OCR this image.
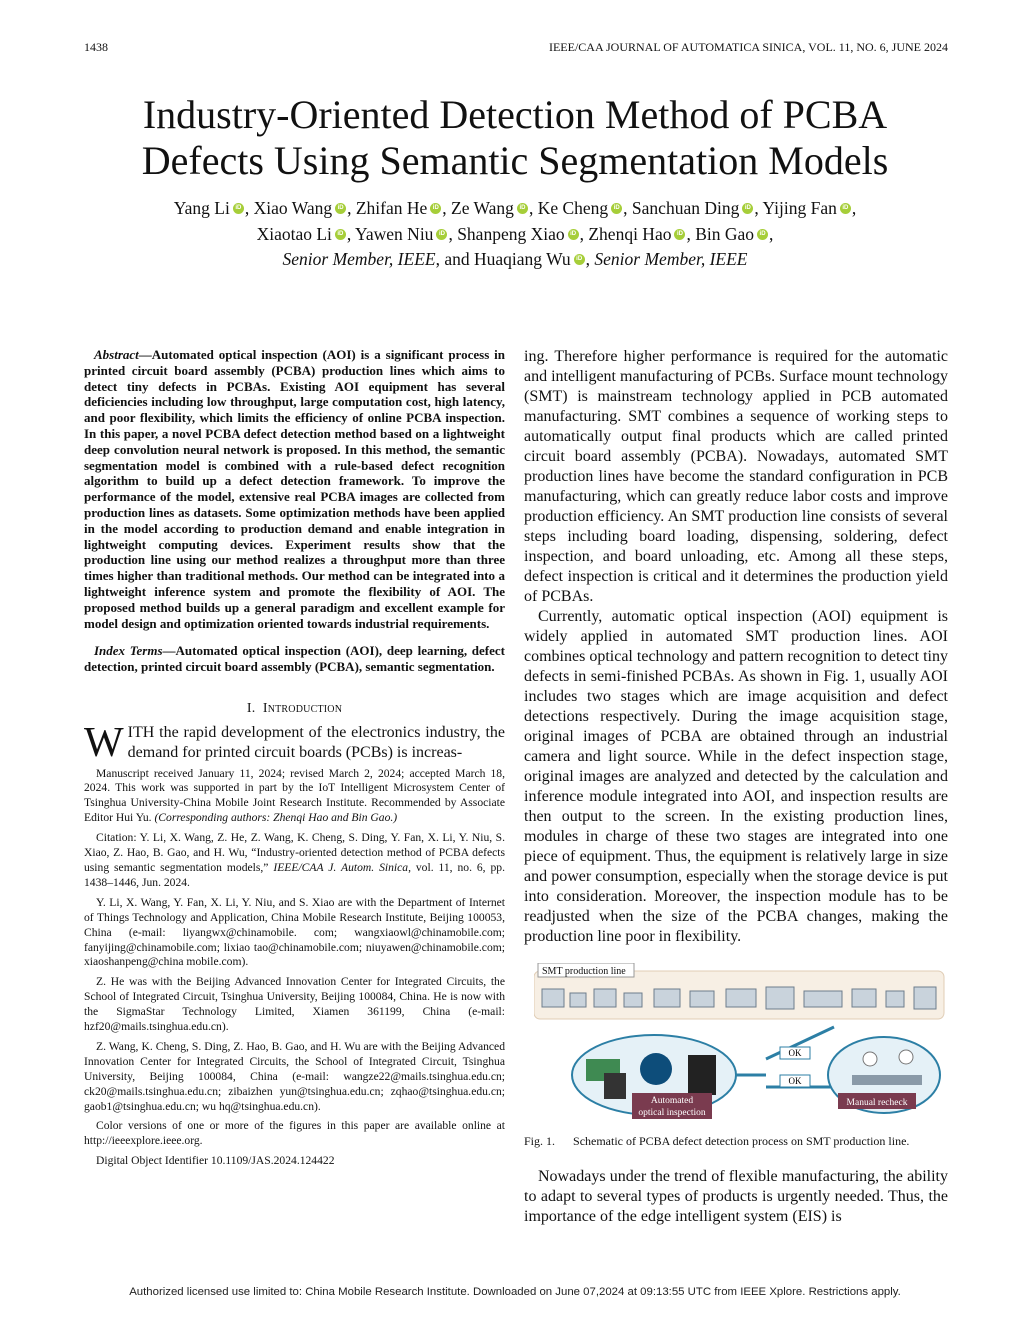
1438	IEEE/CAA JOURNAL OF AUTOMATICA SINICA, VOL. 11, NO. 6, JUNE 2024
Industry-Oriented Detection Method of PCBA
Defects Using Semantic Segmentation Models
Yang Li iD , Xiao Wang iD , Zhifan He iD , Ze Wang iD , Ke Cheng iD , Sanchuan Ding iD , Yijing Fan iD ,
Xiaotao Li iD , Yawen Niu iD , Shanpeng Xiao iD , Zhenqi Hao iD , Bin Gao iD ,
Senior Member, IEEE, and Huaqiang Wu iD , Senior Member, IEEE

Abstract—Automated optical inspection (AOI) is a significant process in printed circuit board assembly (PCBA) production lines which aims to detect tiny defects in PCBAs. Existing AOI equipment has several deficiencies including low throughput, large computation cost, high latency, and poor flexibility, which limits the efficiency of online PCBA inspection. In this paper, a novel PCBA defect detection method based on a lightweight deep convolution neural network is proposed. In this method, the semantic segmentation model is combined with a rule-based defect recognition algorithm to build up a defect detection framework. To improve the performance of the model, extensive real PCBA images are collected from production lines as datasets. Some optimization methods have been applied in the model according to production demand and enable integration in lightweight computing devices. Experiment results show that the production line using our method realizes a throughput more than three times higher than traditional methods. Our method can be integrated into a lightweight inference system and promote the flexibility of AOI. The proposed method builds up a general paradigm and excellent example for model design and optimization oriented towards industrial requirements.

Index Terms—Automated optical inspection (AOI), deep learning, defect detection, printed circuit board assembly (PCBA), semantic segmentation.

I. Introduction

WITH the rapid development of the electronics industry, the demand for printed circuit boards (PCBs) is increas-

Manuscript received January 11, 2024; revised March 2, 2024; accepted March 18, 2024. This work was supported in part by the IoT Intelligent Microsystem Center of Tsinghua University-China Mobile Joint Research Institute. Recommended by Associate Editor Hui Yu. (Corresponding authors: Zhenqi Hao and Bin Gao.)

Citation: Y. Li, X. Wang, Z. He, Z. Wang, K. Cheng, S. Ding, Y. Fan, X. Li, Y. Niu, S. Xiao, Z. Hao, B. Gao, and H. Wu, “Industry-oriented detection method of PCBA defects using semantic segmentation models,” IEEE/CAA J. Autom. Sinica, vol. 11, no. 6, pp. 1438–1446, Jun. 2024.

Y. Li, X. Wang, Y. Fan, X. Li, Y. Niu, and S. Xiao are with the Department of Internet of Things Technology and Application, China Mobile Research Institute, Beijing 100053, China (e-mail: liyangwx@chinamobile. com; wangxiaowl@chinamobile.com; fanyijing@chinamobile.com; lixiao tao@chinamobile.com; niuyawen@chinamobile.com; xiaoshanpeng@china mobile.com).

Z. He was with the Beijing Advanced Innovation Center for Integrated Circuits, the School of Integrated Circuit, Tsinghua University, Beijing 100084, China. He is now with the SigmaStar Technology Limited, Xiamen 361199, China (e-mail: hzf20@mails.tsinghua.edu.cn).

Z. Wang, K. Cheng, S. Ding, Z. Hao, B. Gao, and H. Wu are with the Beijing Advanced Innovation Center for Integrated Circuits, the School of Integrated Circuit, Tsinghua University, Beijing 100084, China (e-mail: wangze22@mails.tsinghua.edu.cn; ck20@mails.tsinghua.edu.cn; zibaizhen yun@tsinghua.edu.cn; zqhao@tsinghua.edu.cn; gaob1@tsinghua.edu.cn; wu hq@tsinghua.edu.cn).

Color versions of one or more of the figures in this paper are available online at http://ieeexplore.ieee.org.

Digital Object Identifier 10.1109/JAS.2024.124422

ing. Therefore higher performance is required for the automatic and intelligent manufacturing of PCBs. Surface mount technology (SMT) is mainstream technology applied in PCB automated manufacturing. SMT combines a sequence of working steps to automatically output final products which are called printed circuit board assembly (PCBA). Nowadays, automated SMT production lines have become the standard configuration in PCB manufacturing, which can greatly reduce labor costs and improve production efficiency. An SMT production line consists of several steps including board loading, dispensing, soldering, defect inspection, and board unloading, etc. Among all these steps, defect inspection is critical and it determines the production yield of PCBAs.

Currently, automatic optical inspection (AOI) equipment is widely applied in automated SMT production lines. AOI combines optical technology and pattern recognition to detect tiny defects in semi-finished PCBAs. As shown in Fig. 1, usually AOI includes two stages which are image acquisition and defect detections respectively. During the image acquisition stage, original images of PCBA are obtained through an industrial camera and light source. While in the defect inspection stage, original images are analyzed and detected by the calculation and inference module integrated into AOI, and inspection results are then output to the screen. In the existing production lines, modules in charge of these two stages are integrated into one piece of equipment. Thus, the equipment is relatively large in size and power consumption, especially when the storage device is put into consideration. Moreover, the inspection module has to be readjusted when the size of the PCBA changes, making the production line poor in flexibility.

SMT production line
Automated
optical inspection
OK
OK
Manual recheck

Fig. 1. Schematic of PCBA defect detection process on SMT production line.

Nowadays under the trend of flexible manufacturing, the ability to adapt to several types of products is urgently needed. Thus, the importance of the edge intelligent system (EIS) is

Authorized licensed use limited to: China Mobile Research Institute. Downloaded on June 07,2024 at 09:13:55 UTC from IEEE Xplore. Restrictions apply.
